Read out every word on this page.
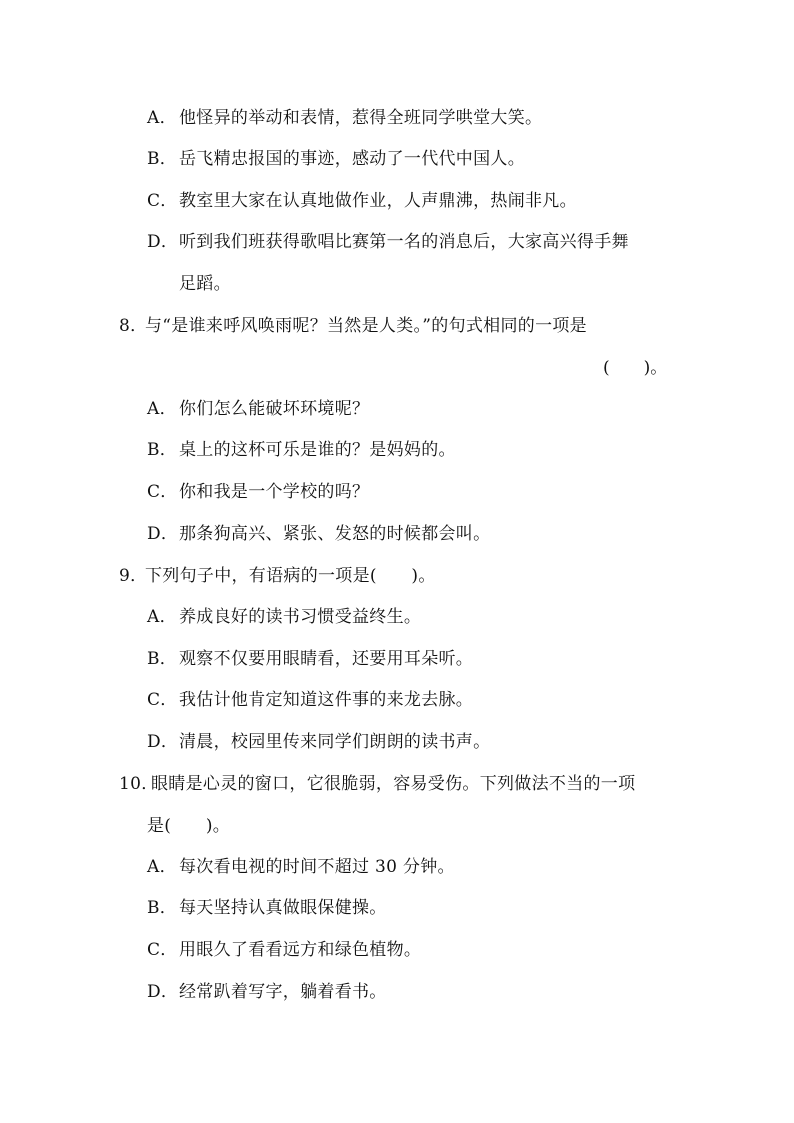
A． 他怪异的举动和表情，惹得全班同学哄堂大笑。
B． 岳飞精忠报国的事迹，感动了一代代中国人。
C．教室里大家在认真地做作业，人声鼎沸，热闹非凡。
D．听到我们班获得歌唱比赛第一名的消息后，大家高兴得手舞
足蹈。
8．与“是谁来呼风唤雨呢？当然是人类。”的句式相同的一项是
(　　)。
A． 你们怎么能破坏环境呢？
B． 桌上的这杯可乐是谁的？是妈妈的。
C．你和我是一个学校的吗？
D．那条狗高兴、紧张、发怒的时候都会叫。
9．下列句子中，有语病的一项是(　　)。
A． 养成良好的读书习惯受益终生。
B． 观察不仅要用眼睛看，还要用耳朵听。
C．我估计他肯定知道这件事的来龙去脉。
D．清晨，校园里传来同学们朗朗的读书声。
10．眼睛是心灵的窗口，它很脆弱，容易受伤。下列做法不当的一项
是(　　)。
A． 每次看电视的时间不超过 30 分钟。
B． 每天坚持认真做眼保健操。
C．用眼久了看看远方和绿色植物。
D．经常趴着写字，躺着看书。
